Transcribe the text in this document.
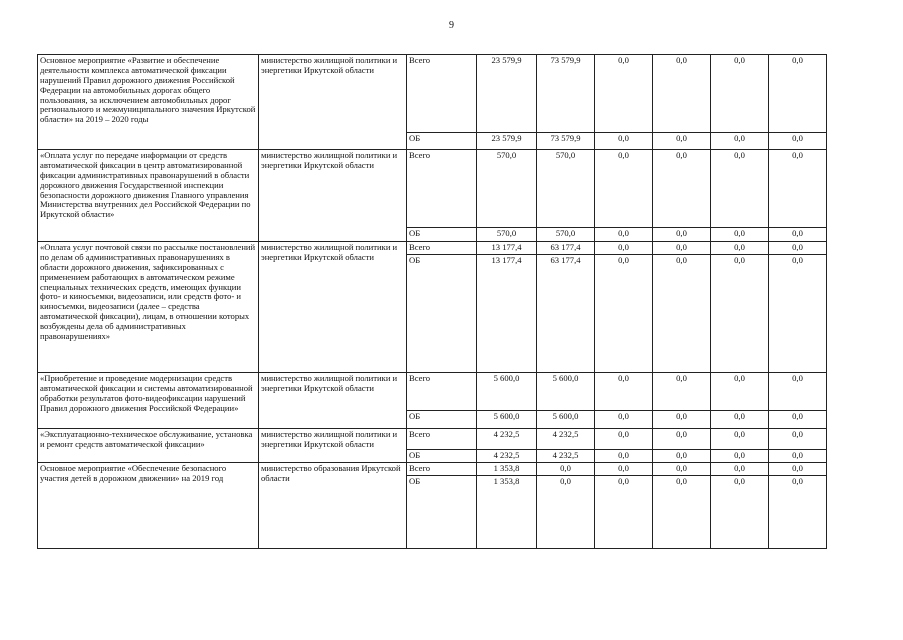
9
Основное мероприятие «Развитие и обеспечение деятельности комплекса автоматической фиксации нарушений Правил дорожного движения Российской Федерации на автомобильных дорогах общего пользования, за исключением автомобильных дорог регионального и межмуниципального значения Иркутской области» на 2019 – 2020 годы	министерство жилищной политики и энергетики Иркутской области	Всего	23 579,9	73 579,9	0,0	0,0	0,0	0,0
		ОБ	23 579,9	73 579,9	0,0	0,0	0,0	0,0
«Оплата услуг по передаче информации от средств автоматической фиксации в центр автоматизированной фиксации административных правонарушений в области дорожного движения Государственной инспекции безопасности дорожного движения Главного управления Министерства внутренних дел Российской Федерации по Иркутской области»	министерство жилищной политики и энергетики Иркутской области	Всего	570,0	570,0	0,0	0,0	0,0	0,0
		ОБ	570,0	570,0	0,0	0,0	0,0	0,0
«Оплата услуг почтовой связи по рассылке постановлений по делам об административных правонарушениях в области дорожного движения, зафиксированных с применением работающих в автоматическом режиме специальных технических средств, имеющих функции фото- и киносъемки, видеозаписи, или средств фото- и киносъемки, видеозаписи (далее – средства автоматической фиксации), лицам, в отношении которых возбуждены дела об административных правонарушениях»	министерство жилищной политики и энергетики Иркутской области	Всего	13 177,4	63 177,4	0,0	0,0	0,0	0,0
		ОБ	13 177,4	63 177,4	0,0	0,0	0,0	0,0
«Приобретение и проведение модернизации средств автоматической фиксации и системы автоматизированной обработки результатов фото-видеофиксации нарушений Правил дорожного движения Российской Федерации»	министерство жилищной политики и энергетики Иркутской области	Всего	5 600,0	5 600,0	0,0	0,0	0,0	0,0
		ОБ	5 600,0	5 600,0	0,0	0,0	0,0	0,0
«Эксплуатационно-техническое обслуживание, установка и ремонт средств автоматической фиксации»	министерство жилищной политики и энергетики Иркутской области	Всего	4 232,5	4 232,5	0,0	0,0	0,0	0,0
		ОБ	4 232,5	4 232,5	0,0	0,0	0,0	0,0
Основное мероприятие «Обеспечение безопасного участия детей в дорожном движении» на 2019 год	министерство образования Иркутской области	Всего	1 353,8	0,0	0,0	0,0	0,0	0,0
		ОБ	1 353,8	0,0	0,0	0,0	0,0	0,0
